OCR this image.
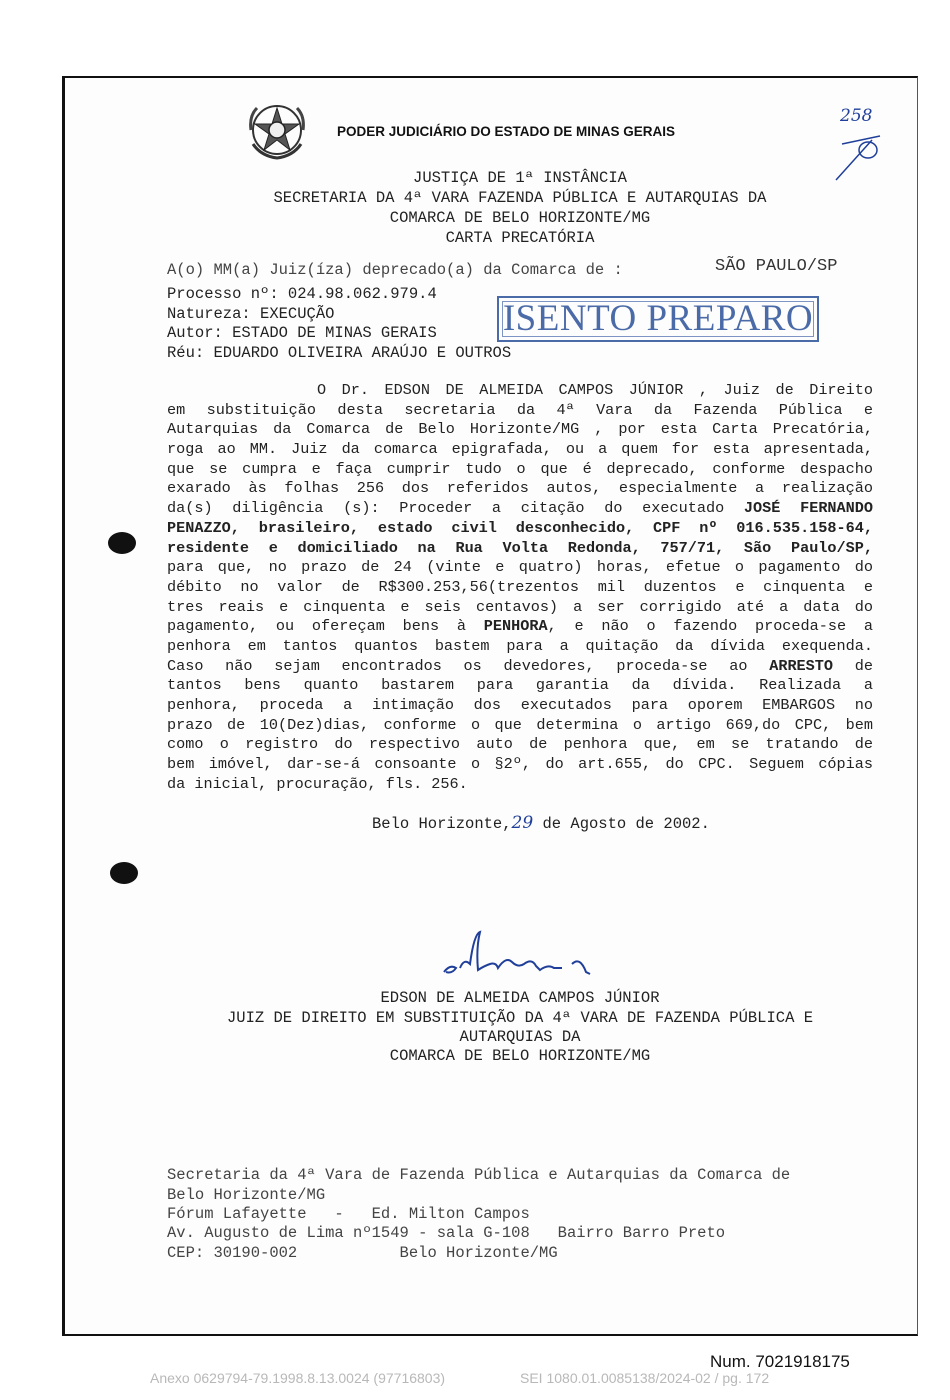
PODER JUDICIÁRIO DO ESTADO DE MINAS GERAIS
258
JUSTIÇA DE 1ª INSTÂNCIA
SECRETARIA DA 4ª VARA FAZENDA PÚBLICA E AUTARQUIAS DA
COMARCA DE BELO HORIZONTE/MG
CARTA PRECATÓRIA
A(o) MM(a) Juiz(íza) deprecado(a) da Comarca de :	SÃO PAULO/SP
Processo nº: 024.98.062.979.4
Natureza: EXECUÇÃO
Autor: ESTADO DE MINAS GERAIS
Réu: EDUARDO OLIVEIRA ARAÚJO E OUTROS
ISENTO PREPARO
O Dr. EDSON DE ALMEIDA CAMPOS JÚNIOR , Juiz de Direito
em substituição desta secretaria da 4ª Vara da Fazenda Pública e
Autarquias da Comarca de Belo Horizonte/MG , por esta Carta Precatória,
roga ao MM. Juiz da comarca epigrafada, ou a quem for esta apresentada,
que se cumpra e faça cumprir tudo o que é deprecado, conforme despacho
exarado às folhas 256 dos referidos autos, especialmente a realização
da(s) diligência (s): Proceder a citação do executado JOSÉ FERNANDO
PENAZZO, brasileiro, estado civil desconhecido, CPF nº 016.535.158-64,
residente e domiciliado na Rua Volta Redonda, 757/71, São Paulo/SP,
para que, no prazo de 24 (vinte e quatro) horas, efetue o pagamento do
débito no valor de R$300.253,56(trezentos mil duzentos e cinquenta e
tres reais e cinquenta e seis centavos) a ser corrigido até a data do
pagamento, ou ofereçam bens à PENHORA, e não o fazendo proceda-se a
penhora em tantos quantos bastem para a quitação da dívida exequenda.
Caso não sejam encontrados os devedores, proceda-se ao ARRESTO de
tantos bens quanto bastarem para garantia da dívida. Realizada a
penhora, proceda a intimação dos executados para oporem EMBARGOS no
prazo de 10(Dez)dias, conforme o que determina o artigo 669,do CPC, bem
como o registro do respectivo auto de penhora que, em se tratando de
bem imóvel, dar-se-á consoante o §2º, do art.655, do CPC. Seguem cópias
da inicial, procuração, fls. 256.
Belo Horizonte,29 de Agosto de 2002.
EDSON DE ALMEIDA CAMPOS JÚNIOR
JUIZ DE DIREITO EM SUBSTITUIÇÃO DA 4ª VARA DE FAZENDA PÚBLICA E
AUTARQUIAS DA
COMARCA DE BELO HORIZONTE/MG
Secretaria da 4ª Vara de Fazenda Pública e Autarquias da Comarca de
Belo Horizonte/MG
Fórum Lafayette   -   Ed. Milton Campos
Av. Augusto de Lima nº1549 - sala G-108   Bairro Barro Preto
CEP: 30190-002           Belo Horizonte/MG
Num. 7021918175
Anexo 0629794-79.1998.8.13.0024 (97716803)	SEI 1080.01.0085138/2024-02 / pg. 172
